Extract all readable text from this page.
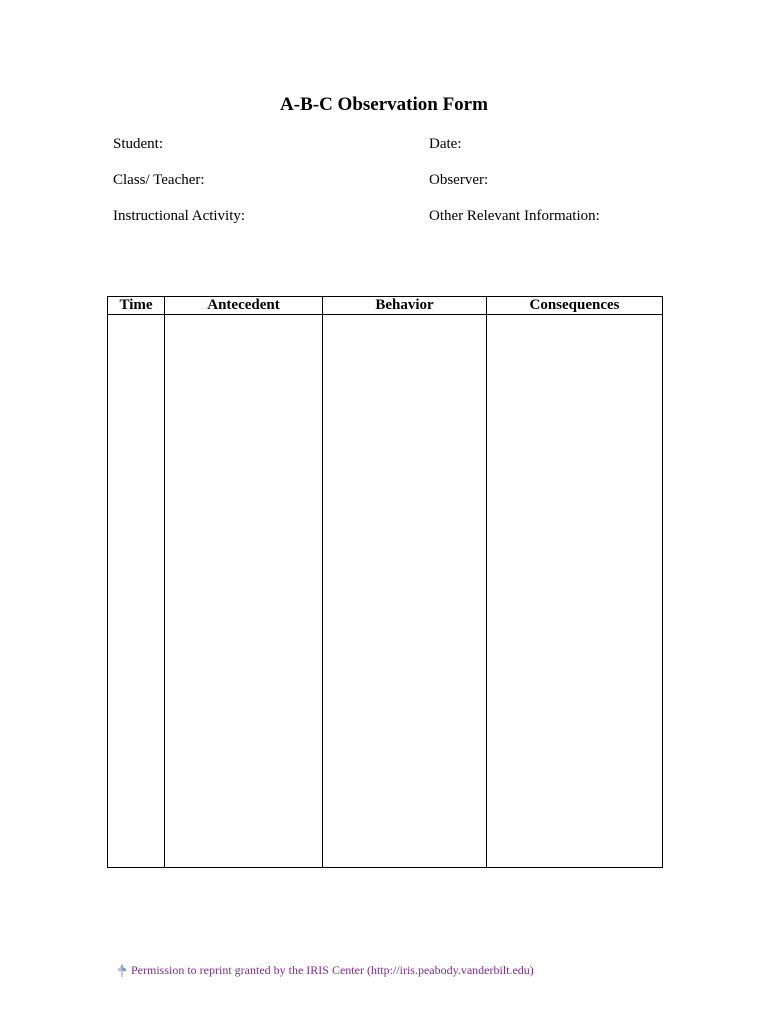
A-B-C Observation Form
Student:	Date:
Class/ Teacher:	Observer:
Instructional Activity:	Other Relevant Information:
Time	Antecedent	Behavior	Consequences

Permission to reprint granted by the IRIS Center (http://iris.peabody.vanderbilt.edu)
